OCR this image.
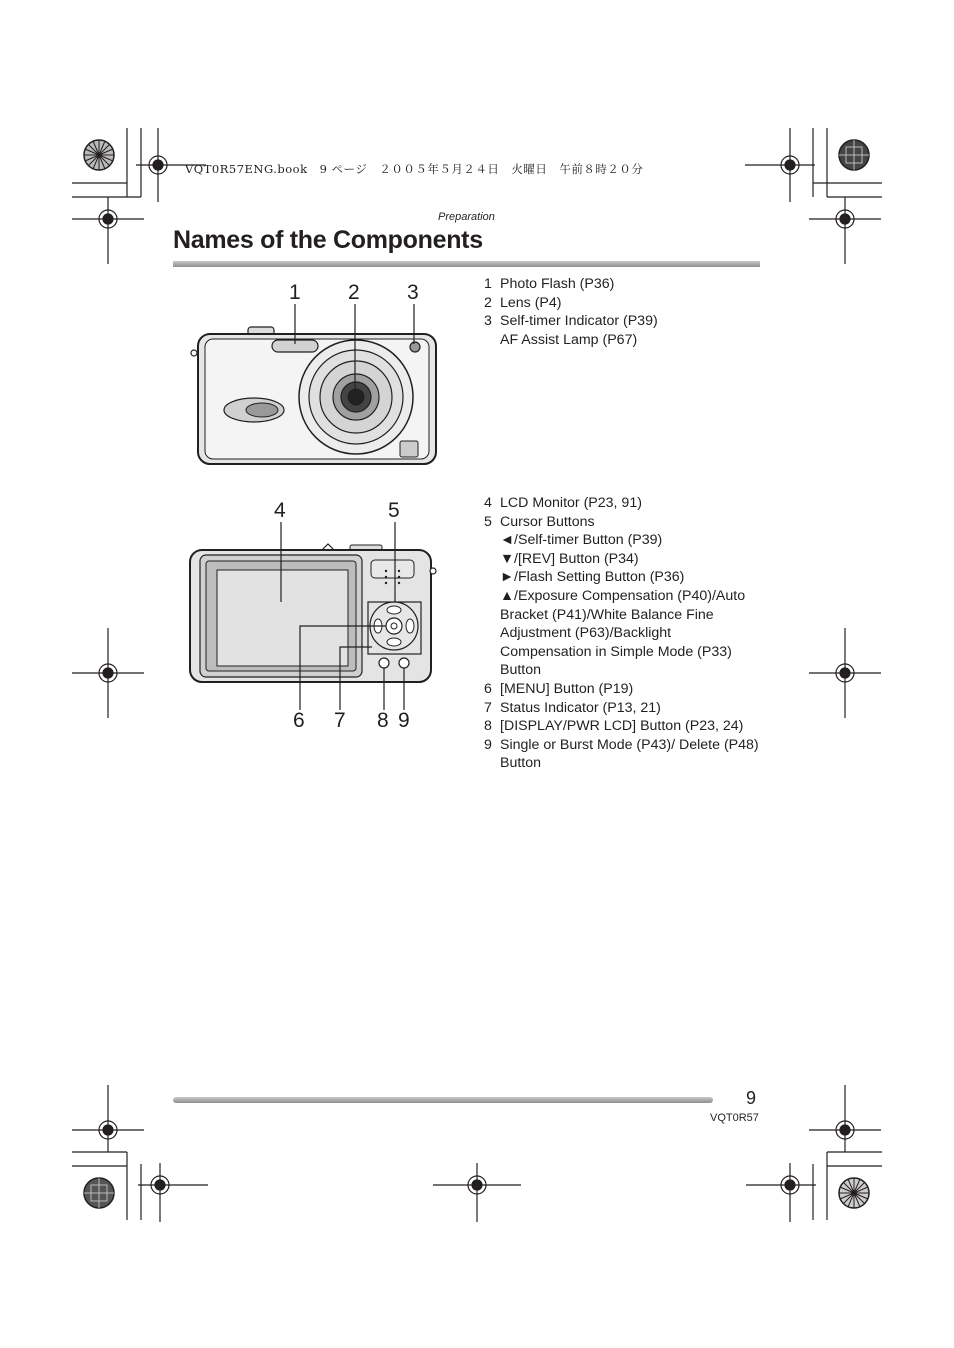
VQT0R57ENG.book　9 ページ　２００５年５月２４日　火曜日　午前８時２０分
Preparation
Names of the Components
1 2 3
4	5
6 7 8 9
1 Photo Flash (P36)
2 Lens (P4)
3 Self-timer Indicator (P39)
AF Assist Lamp (P67)
4 LCD Monitor (P23, 91)
5 Cursor Buttons
◄/Self-timer Button (P39)
▼/[REV] Button (P34)
►/Flash Setting Button (P36)
▲/Exposure Compensation (P40)/Auto Bracket (P41)/White Balance Fine Adjustment (P63)/Backlight Compensation in Simple Mode (P33) Button
6 [MENU] Button (P19)
7 Status Indicator (P13, 21)
8 [DISPLAY/PWR LCD] Button (P23, 24)
9 Single or Burst Mode (P43)/ Delete (P48) Button
9
VQT0R57
